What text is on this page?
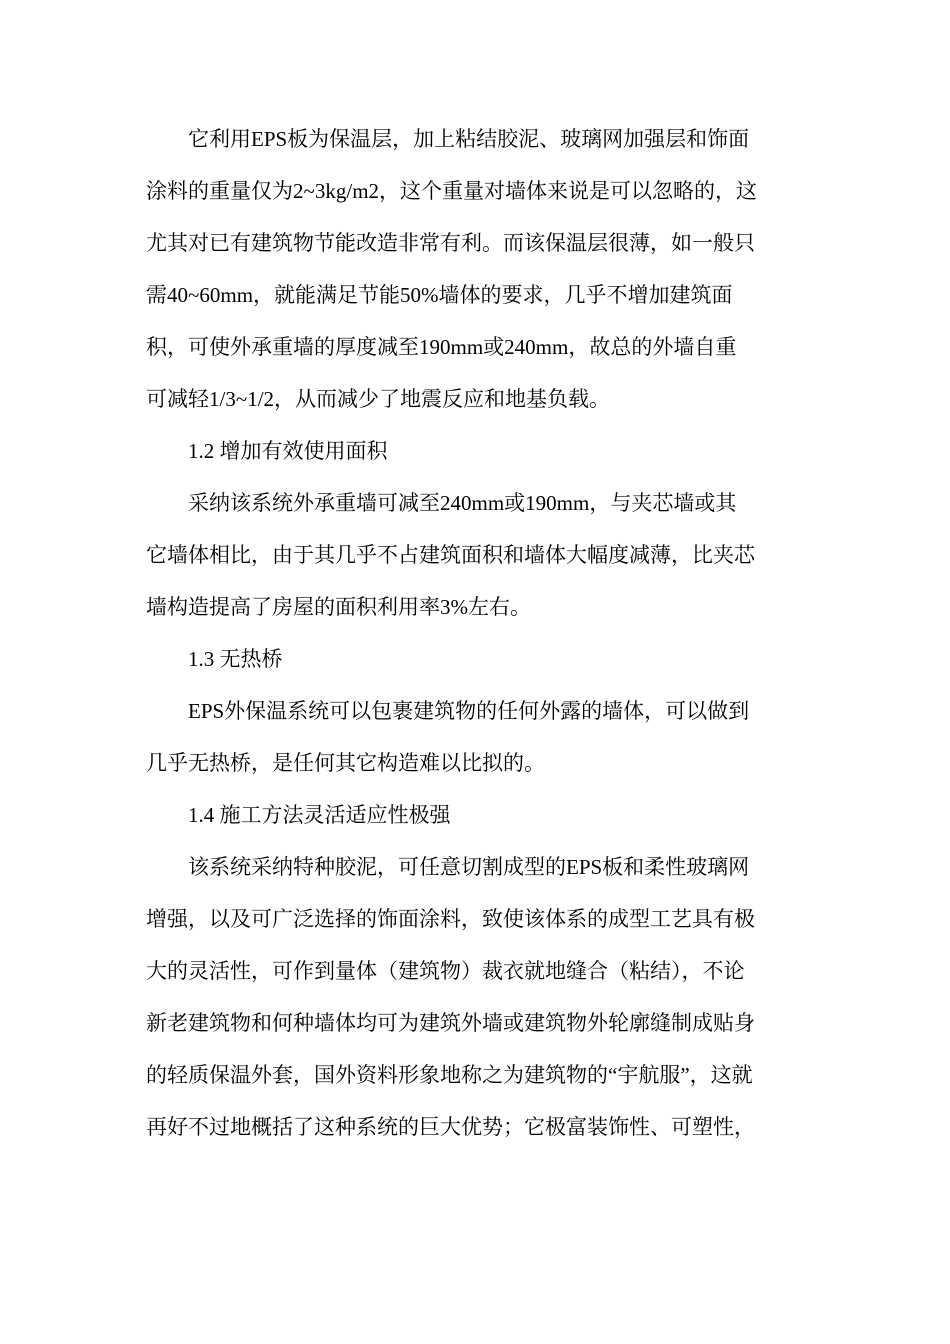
它利用EPS板为保温层，加上粘结胶泥、玻璃网加强层和饰面
涂料的重量仅为2~3kg/m2，这个重量对墙体来说是可以忽略的，这
尤其对已有建筑物节能改造非常有利。而该保温层很薄，如一般只
需40~60mm，就能满足节能50%墙体的要求，几乎不增加建筑面
积，可使外承重墙的厚度减至190mm或240mm，故总的外墙自重
可减轻1/3~1/2，从而减少了地震反应和地基负载。
1.2 增加有效使用面积
采纳该系统外承重墙可减至240mm或190mm，与夹芯墙或其
它墙体相比，由于其几乎不占建筑面积和墙体大幅度减薄，比夹芯
墙构造提高了房屋的面积利用率3%左右。
1.3 无热桥
EPS外保温系统可以包裹建筑物的任何外露的墙体，可以做到
几乎无热桥，是任何其它构造难以比拟的。
1.4 施工方法灵活适应性极强
该系统采纳特种胶泥，可任意切割成型的EPS板和柔性玻璃网
增强，以及可广泛选择的饰面涂料，致使该体系的成型工艺具有极
大的灵活性，可作到量体（建筑物）裁衣就地缝合（粘结），不论
新老建筑物和何种墙体均可为建筑外墙或建筑物外轮廓缝制成贴身
的轻质保温外套，国外资料形象地称之为建筑物的“宇航服”，这就
再好不过地概括了这种系统的巨大优势；它极富装饰性、可塑性，
